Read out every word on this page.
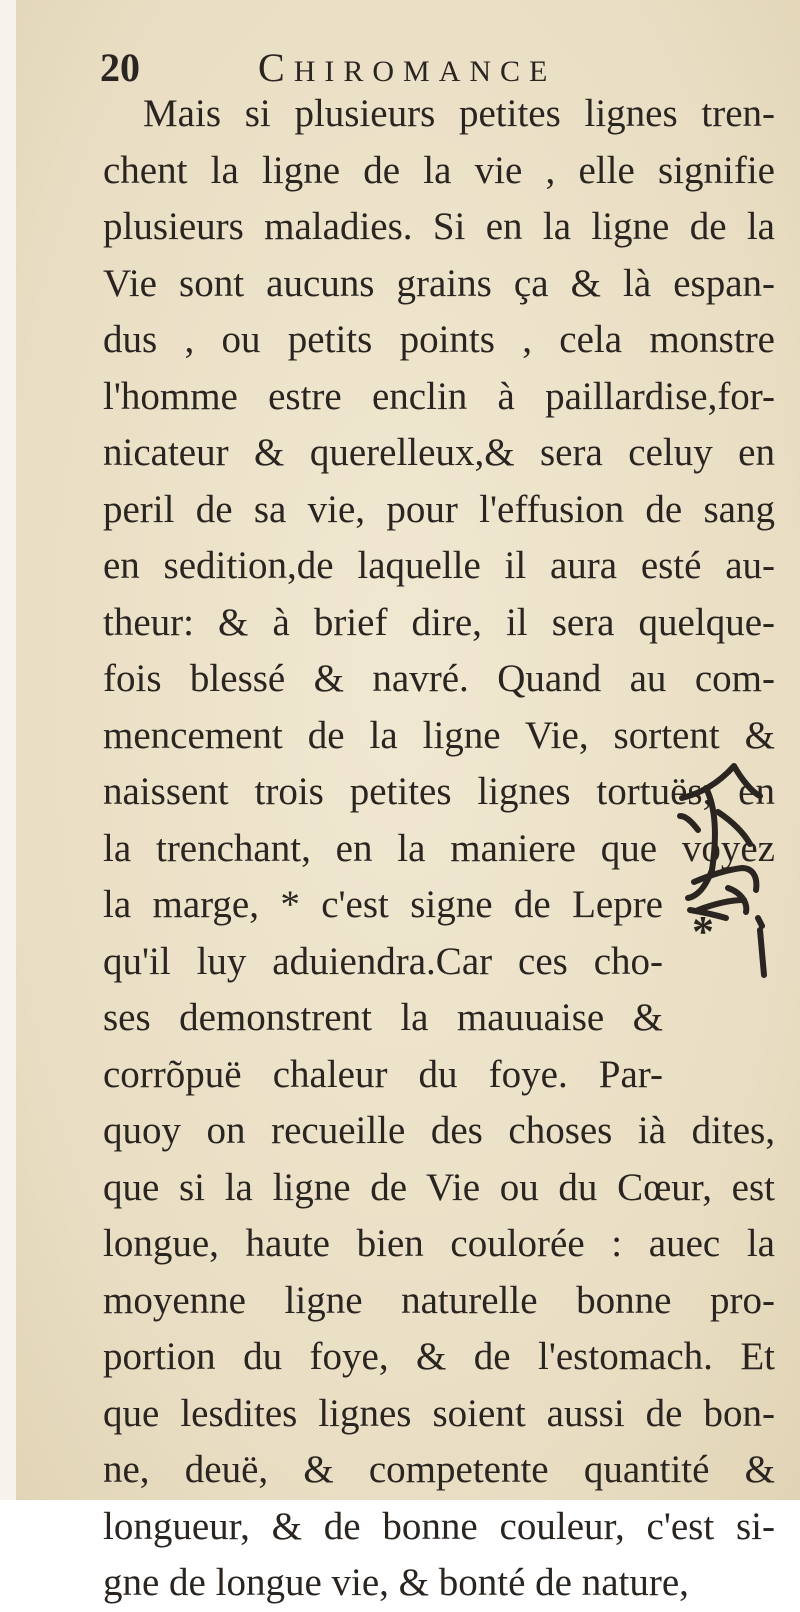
20	CHIROMANCE
Mais si plusieurs petites lignes tren-
chent la ligne de la vie , elle signifie
plusieurs maladies. Si en la ligne de la
Vie sont aucuns grains ça & là espan-
dus , ou petits points , cela monstre
l'homme estre enclin à paillardise,for-
nicateur & querelleux,& sera celuy en
peril de sa vie, pour l'effusion de sang
en sedition,de laquelle il aura esté au-
theur: & à brief dire, il sera quelque-
fois blessé & navré. Quand au com-
mencement de la ligne Vie, sortent &
naissent trois petites lignes tortuës, en
la trenchant, en la maniere que voyez
la marge, * c'est signe de Lepre
qu'il luy aduiendra.Car ces cho-
ses demonstrent la mauuaise &
corrõpuë chaleur du foye. Par-
quoy on recueille des choses ià dites,
que si la ligne de Vie ou du Cœur, est
longue, haute bien coulorée : auec la
moyenne ligne naturelle bonne pro-
portion du foye, & de l'estomach. Et
que lesdites lignes soient aussi de bon-
ne, deuë, & competente quantité &
longueur, & de bonne couleur, c'est si-
gne de longue vie, & bonté de nature,
*
